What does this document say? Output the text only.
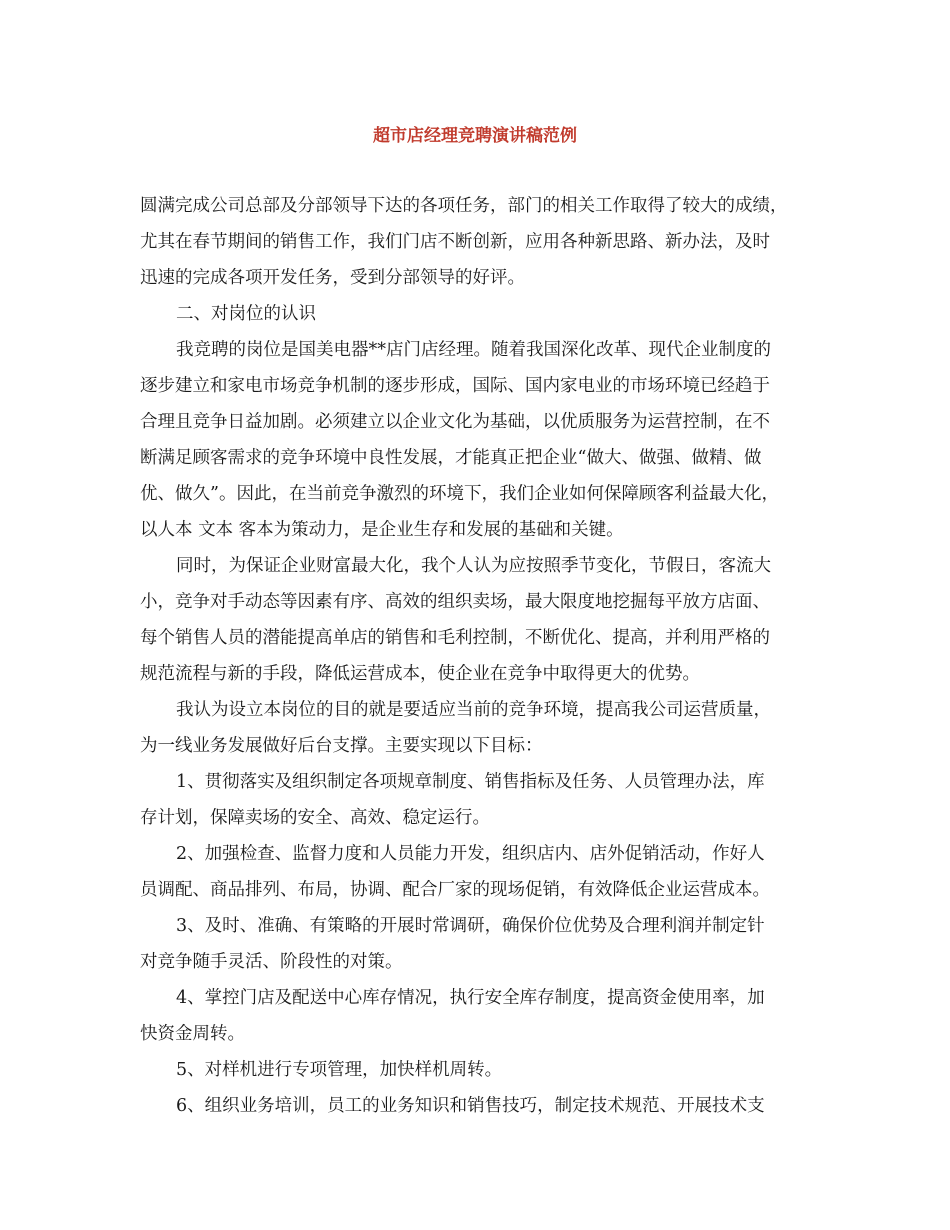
超市店经理竞聘演讲稿范例
圆满完成公司总部及分部领导下达的各项任务，部门的相关工作取得了较大的成绩，
尤其在春节期间的销售工作，我们门店不断创新，应用各种新思路、新办法，及时
迅速的完成各项开发任务，受到分部领导的好评。
二、对岗位的认识
我竞聘的岗位是国美电器**店门店经理。随着我国深化改革、现代企业制度的
逐步建立和家电市场竞争机制的逐步形成，国际、国内家电业的市场环境已经趋于
合理且竞争日益加剧。必须建立以企业文化为基础，以优质服务为运营控制，在不
断满足顾客需求的竞争环境中良性发展，才能真正把企业“做大、做强、做精、做
优、做久”。因此，在当前竞争激烈的环境下，我们企业如何保障顾客利益最大化，
以人本 文本 客本为策动力，是企业生存和发展的基础和关键。
同时，为保证企业财富最大化，我个人认为应按照季节变化，节假日，客流大
小，竞争对手动态等因素有序、高效的组织卖场，最大限度地挖掘每平放方店面、
每个销售人员的潜能提高单店的销售和毛利控制，不断优化、提高，并利用严格的
规范流程与新的手段，降低运营成本，使企业在竞争中取得更大的优势。
我认为设立本岗位的目的就是要适应当前的竞争环境，提高我公司运营质量，
为一线业务发展做好后台支撑。主要实现以下目标：
1、贯彻落实及组织制定各项规章制度、销售指标及任务、人员管理办法，库
存计划，保障卖场的安全、高效、稳定运行。
2、加强检查、监督力度和人员能力开发，组织店内、店外促销活动，作好人
员调配、商品排列、布局，协调、配合厂家的现场促销，有效降低企业运营成本。
3、及时、准确、有策略的开展时常调研，确保价位优势及合理利润并制定针
对竞争随手灵活、阶段性的对策。
4、掌控门店及配送中心库存情况，执行安全库存制度，提高资金使用率，加
快资金周转。
5、对样机进行专项管理，加快样机周转。
6、组织业务培训，员工的业务知识和销售技巧，制定技术规范、开展技术支
